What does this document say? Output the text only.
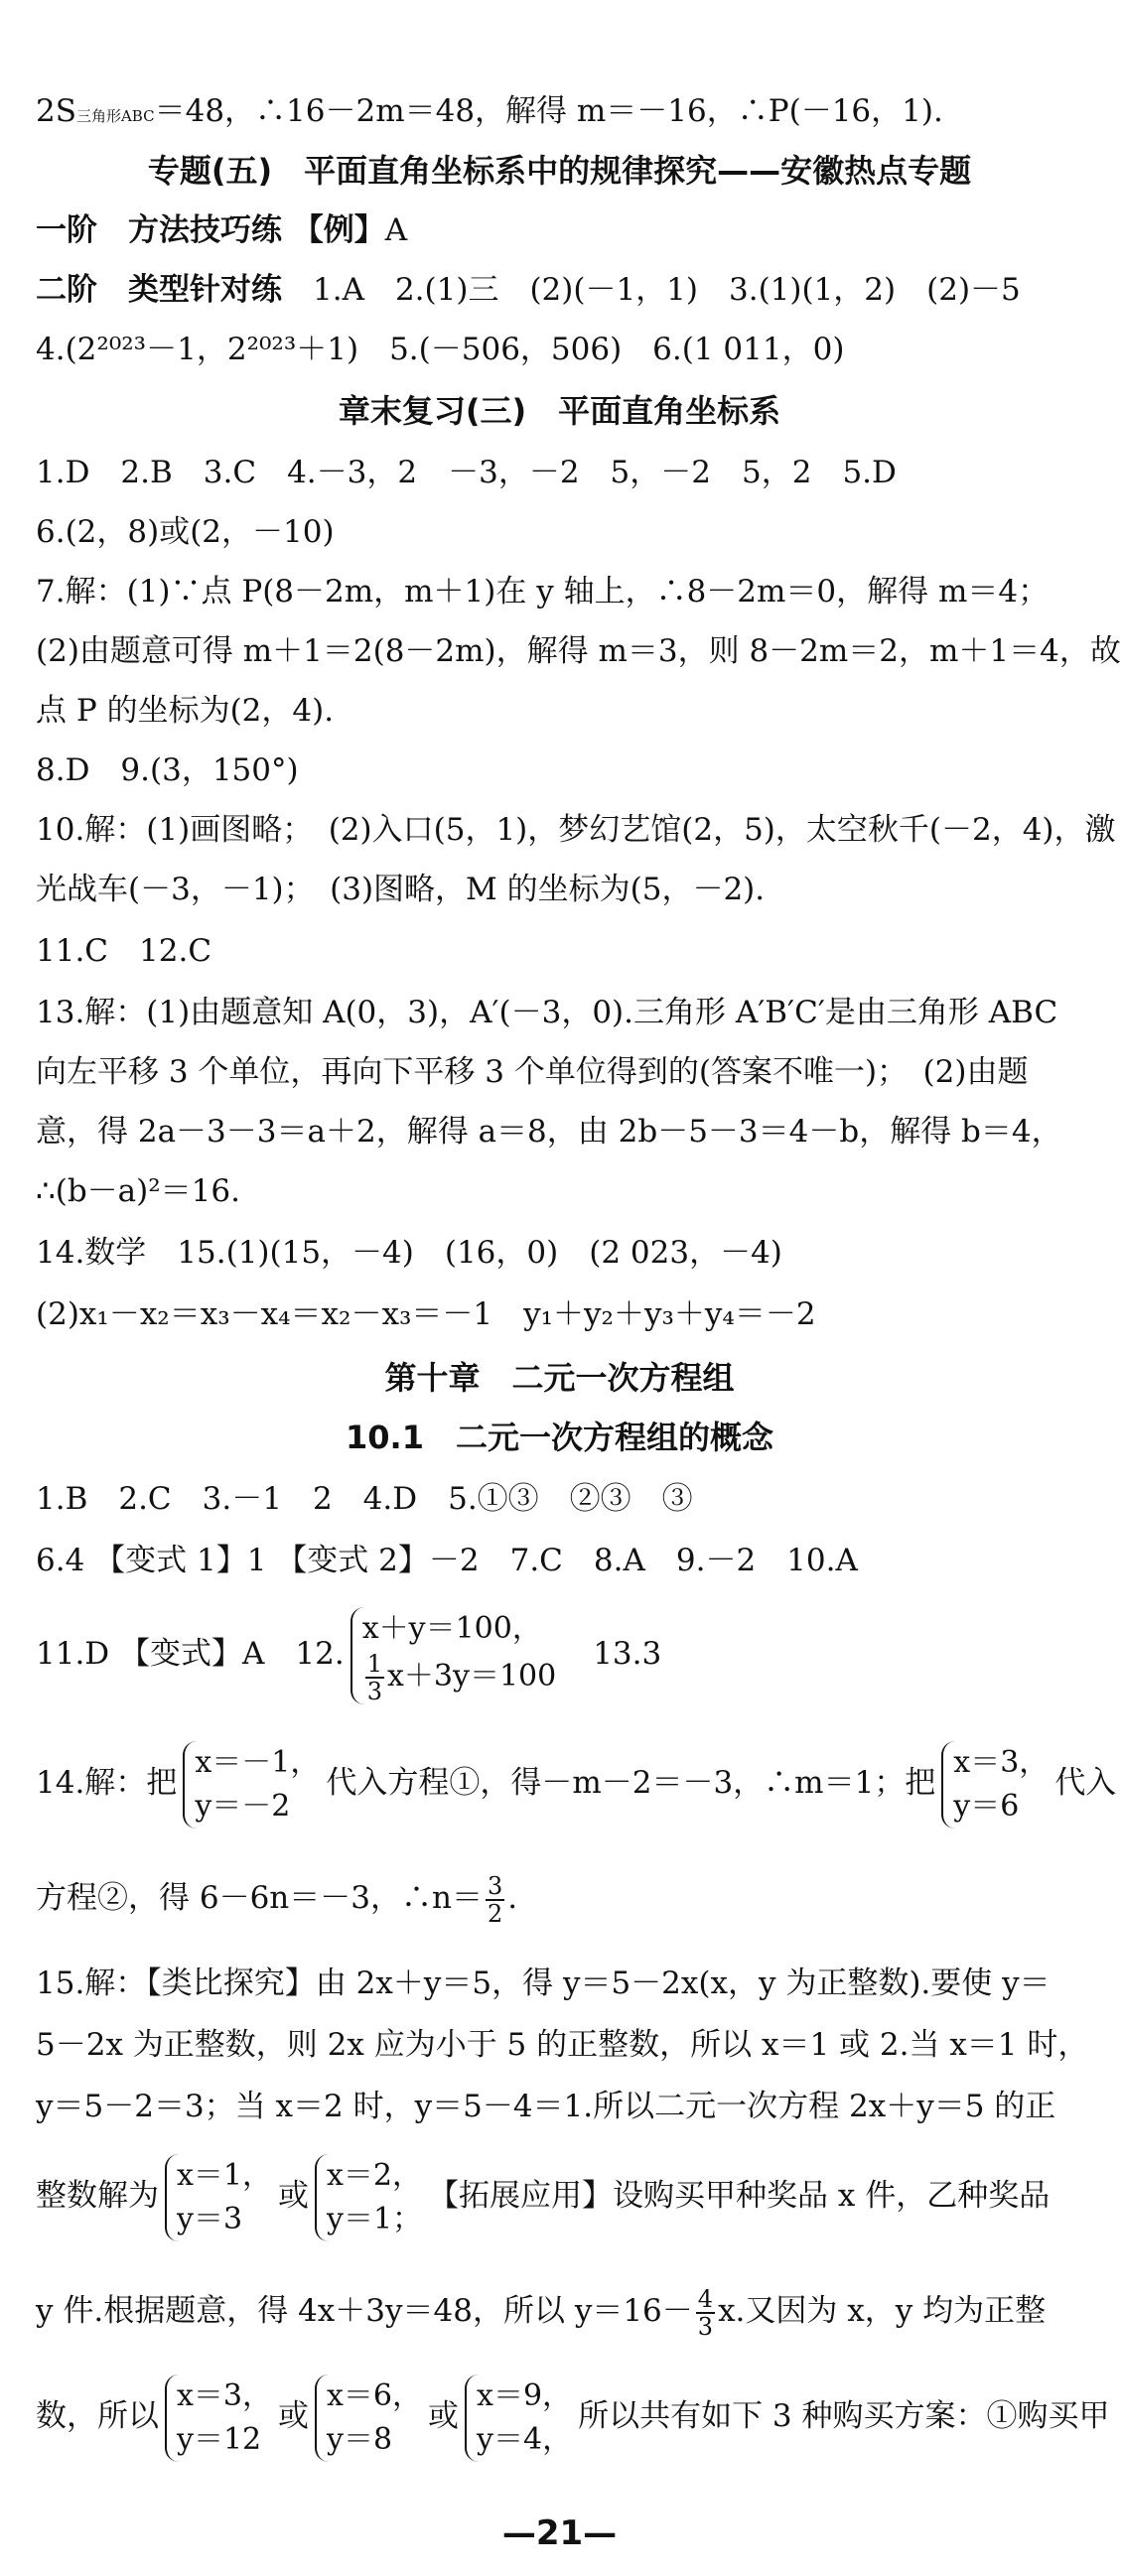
2S三角形ABC＝48，∴16－2m＝48，解得 m＝－16，∴P(－16，1).
专题(五)　平面直角坐标系中的规律探究——安徽热点专题
一阶　方法技巧练 【例】A
二阶　类型针对练　 1.A　2.(1)三　(2)(－1，1)　3.(1)(1，2)　(2)－5
4.(2²⁰²³－1，2²⁰²³＋1)　5.(－506，506)　6.(1 011，0)
章末复习(三)　平面直角坐标系
1.D　2.B　3.C　4.－3，2　－3，－2　5，－2　5，2　5.D
6.(2，8)或(2，－10)
7.解：(1)∵点 P(8－2m，m＋1)在 y 轴上，∴8－2m＝0，解得 m＝4；
(2)由题意可得 m＋1＝2(8－2m)，解得 m＝3，则 8－2m＝2，m＋1＝4，故
点 P 的坐标为(2，4).
8.D　9.(3，150°)
10.解：(1)画图略；　(2)入口(5，1)，梦幻艺馆(2，5)，太空秋千(－2，4)，激
光战车(－3，－1)；　(3)图略，M 的坐标为(5，－2).
11.C　12.C
13.解：(1)由题意知 A(0，3)，A′(－3，0).三角形 A′B′C′是由三角形 ABC
向左平移 3 个单位，再向下平移 3 个单位得到的(答案不唯一)；　(2)由题
意，得 2a－3－3＝a＋2，解得 a＝8，由 2b－5－3＝4－b，解得 b＝4，
∴(b－a)²＝16.
14.数学　15.(1)(15，－4)　(16，0)　(2 023，－4)
(2)x₁－x₂＝x₃－x₄＝x₂－x₃＝－1　y₁＋y₂＋y₃＋y₄＝－2
第十章　二元一次方程组
10.1　二元一次方程组的概念
1.B　2.C　3.－1　2　4.D　5.①③　②③　③
6.4 【变式 1】1 【变式 2】－2　7.C　8.A　9.－2　10.A
11.D 【变式】A　12.
x＋y＝100，
$\frac{1}{3} x+3y=100$
　13.3
14.解：把
x＝－1，
y＝－2
代入方程①，得－m－2＝－3，∴m＝1；把
x＝3，
y＝6
代入
方程②，得 6－6n＝－3，∴n＝ $\frac{3}{2}$ .
15.解：【类比探究】由 2x＋y＝5，得 y＝5－2x(x，y 为正整数).要使 y＝
5－2x 为正整数，则 2x 应为小于 5 的正整数，所以 x＝1 或 2.当 x＝1 时，
y＝5－2＝3；当 x＝2 时，y＝5－4＝1.所以二元一次方程 2x＋y＝5 的正
整数解为
x＝1，
y＝3
或
x＝2，
y＝1；
【拓展应用】设购买甲种奖品 x 件，乙种奖品
y 件.根据题意，得 4x＋3y＝48，所以 $y=16- \frac{4}{3} x$.又因为 x，y 均为正整
数，所以
x＝3，
y＝12
或
x＝6，
y＝8
或
x＝9，
y＝4，
所以共有如下 3 种购买方案：①购买甲
—21—
